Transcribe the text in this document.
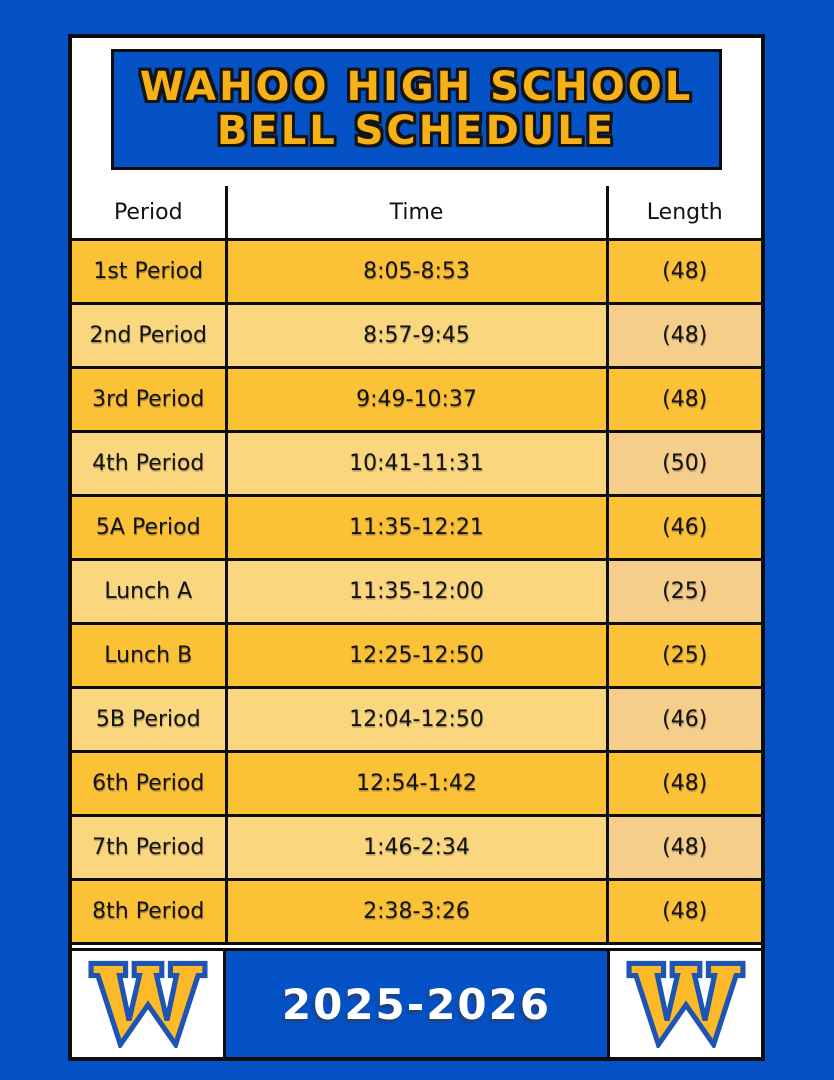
WAHOO HIGH SCHOOL
BELL SCHEDULE
Period	Time	Length
1st Period	8:05-8:53	(48)
2nd Period	8:57-9:45	(48)
3rd Period	9:49-10:37	(48)
4th Period	10:41-11:31	(50)
5A Period	11:35-12:21	(46)
Lunch A	11:35-12:00	(25)
Lunch B	12:25-12:50	(25)
5B Period	12:04-12:50	(46)
6th Period	12:54-1:42	(48)
7th Period	1:46-2:34	(48)
8th Period	2:38-3:26	(48)
2025-2026
